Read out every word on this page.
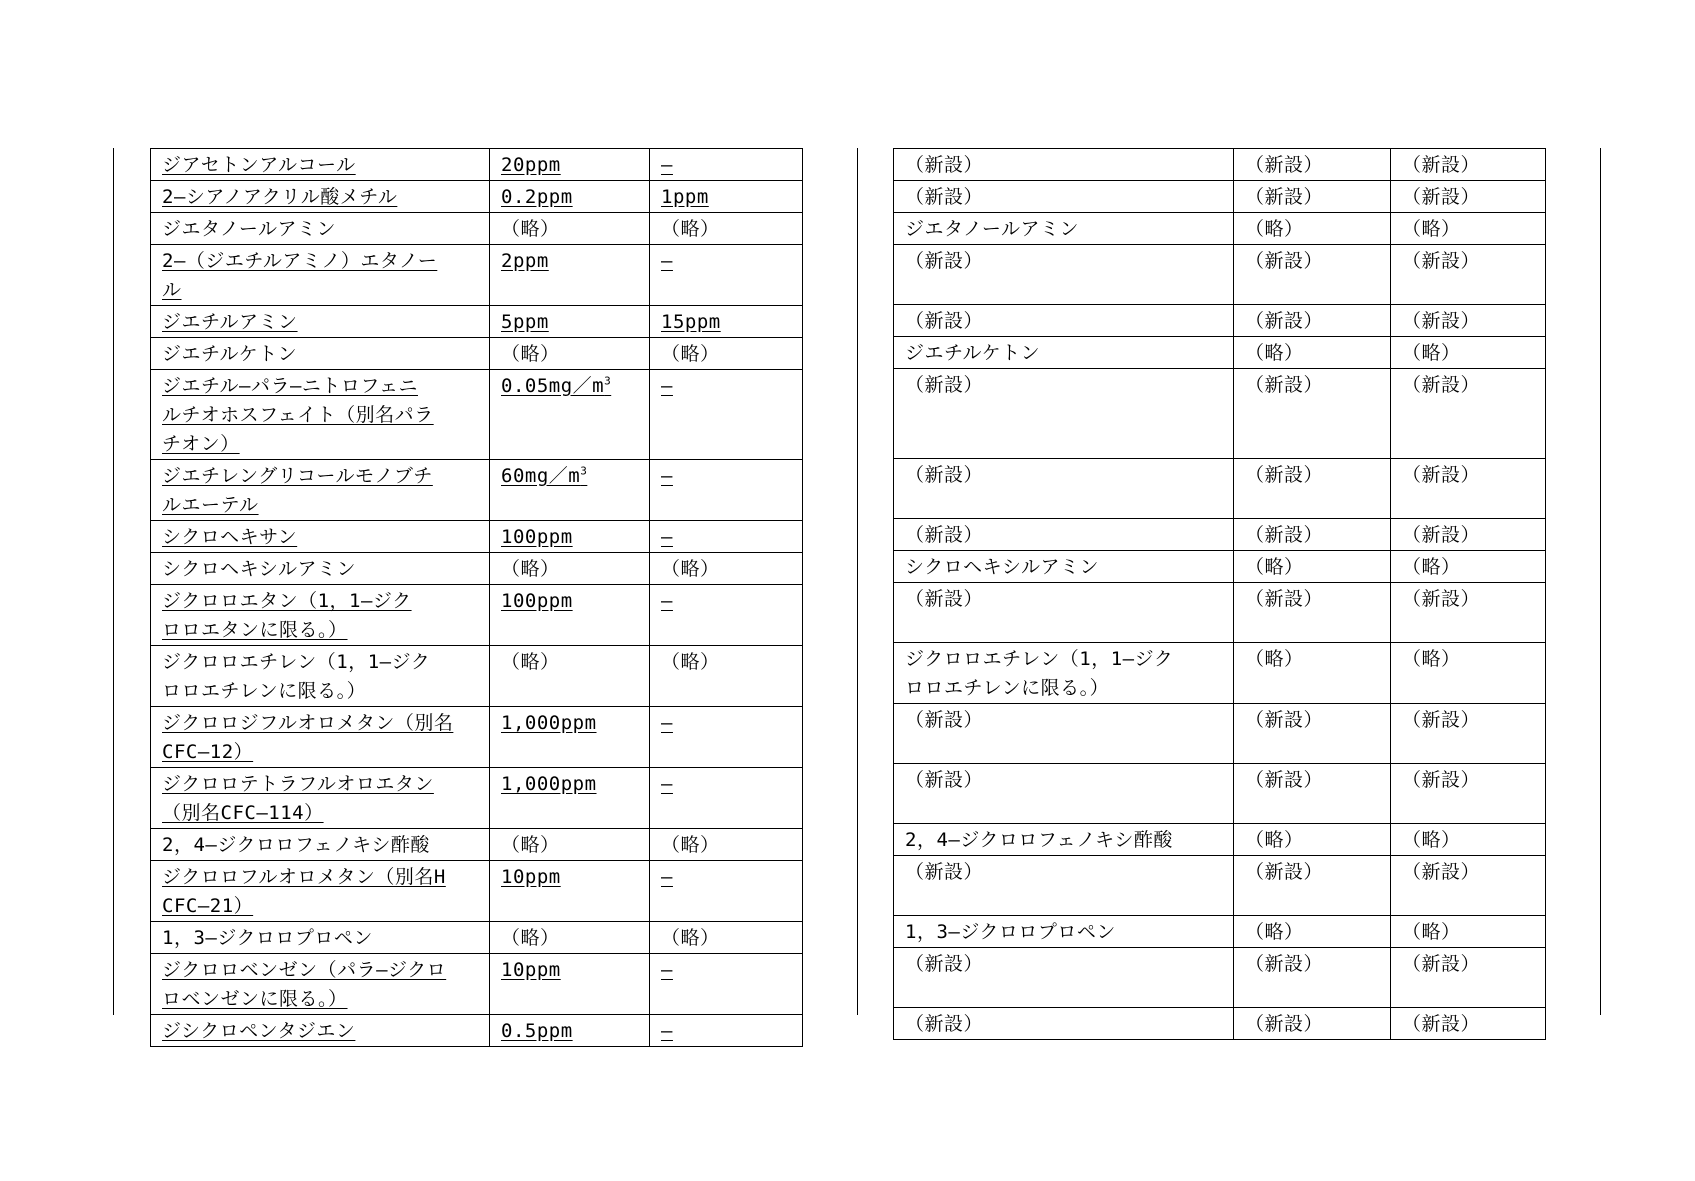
ジアセトンアルコール	20ppm	—
2—シアノアクリル酸メチル	0.2ppm	1ppm
ジエタノールアミン	（略）	（略）
2—（ジエチルアミノ）エタノー
ル	2ppm	—
ジエチルアミン	5ppm	15ppm
ジエチルケトン	（略）	（略）
ジエチル—パラ—ニトロフェニ
ルチオホスフェイト（別名パラ
チオン）	$0.05mg/m^3$	—
ジエチレングリコールモノブチ
ルエーテル	$60mg/m^3$	—
シクロヘキサン	100ppm	—
シクロヘキシルアミン	（略）	（略）
ジクロロエタン（1，1—ジク
ロロエタンに限る。）	100ppm	—
ジクロロエチレン（1，1—ジク
ロロエチレンに限る。）	（略）	（略）
ジクロロジフルオロメタン（別名
CFC—12）	1,000ppm	—
ジクロロテトラフルオロエタン
（別名CFC—114）	1,000ppm	—
2，4—ジクロロフェノキシ酢酸	（略）	（略）
ジクロロフルオロメタン（別名H
CFC—21）	10ppm	—
1，3—ジクロロプロペン	（略）	（略）
ジクロロベンゼン（パラ—ジクロ
ロベンゼンに限る。）	10ppm	—
ジシクロペンタジエン	0.5ppm	—
（新設）	（新設）	（新設）
（新設）	（新設）	（新設）
ジエタノールアミン	（略）	（略）
（新設）	（新設）	（新設）
（新設）	（新設）	（新設）
ジエチルケトン	（略）	（略）
（新設）	（新設）	（新設）
（新設）	（新設）	（新設）
（新設）	（新設）	（新設）
シクロヘキシルアミン	（略）	（略）
（新設）	（新設）	（新設）
ジクロロエチレン（1，1—ジク
ロロエチレンに限る。）	（略）	（略）
（新設）	（新設）	（新設）
（新設）	（新設）	（新設）
2，4—ジクロロフェノキシ酢酸	（略）	（略）
（新設）	（新設）	（新設）
1，3—ジクロロプロペン	（略）	（略）
（新設）	（新設）	（新設）
（新設）	（新設）	（新設）
